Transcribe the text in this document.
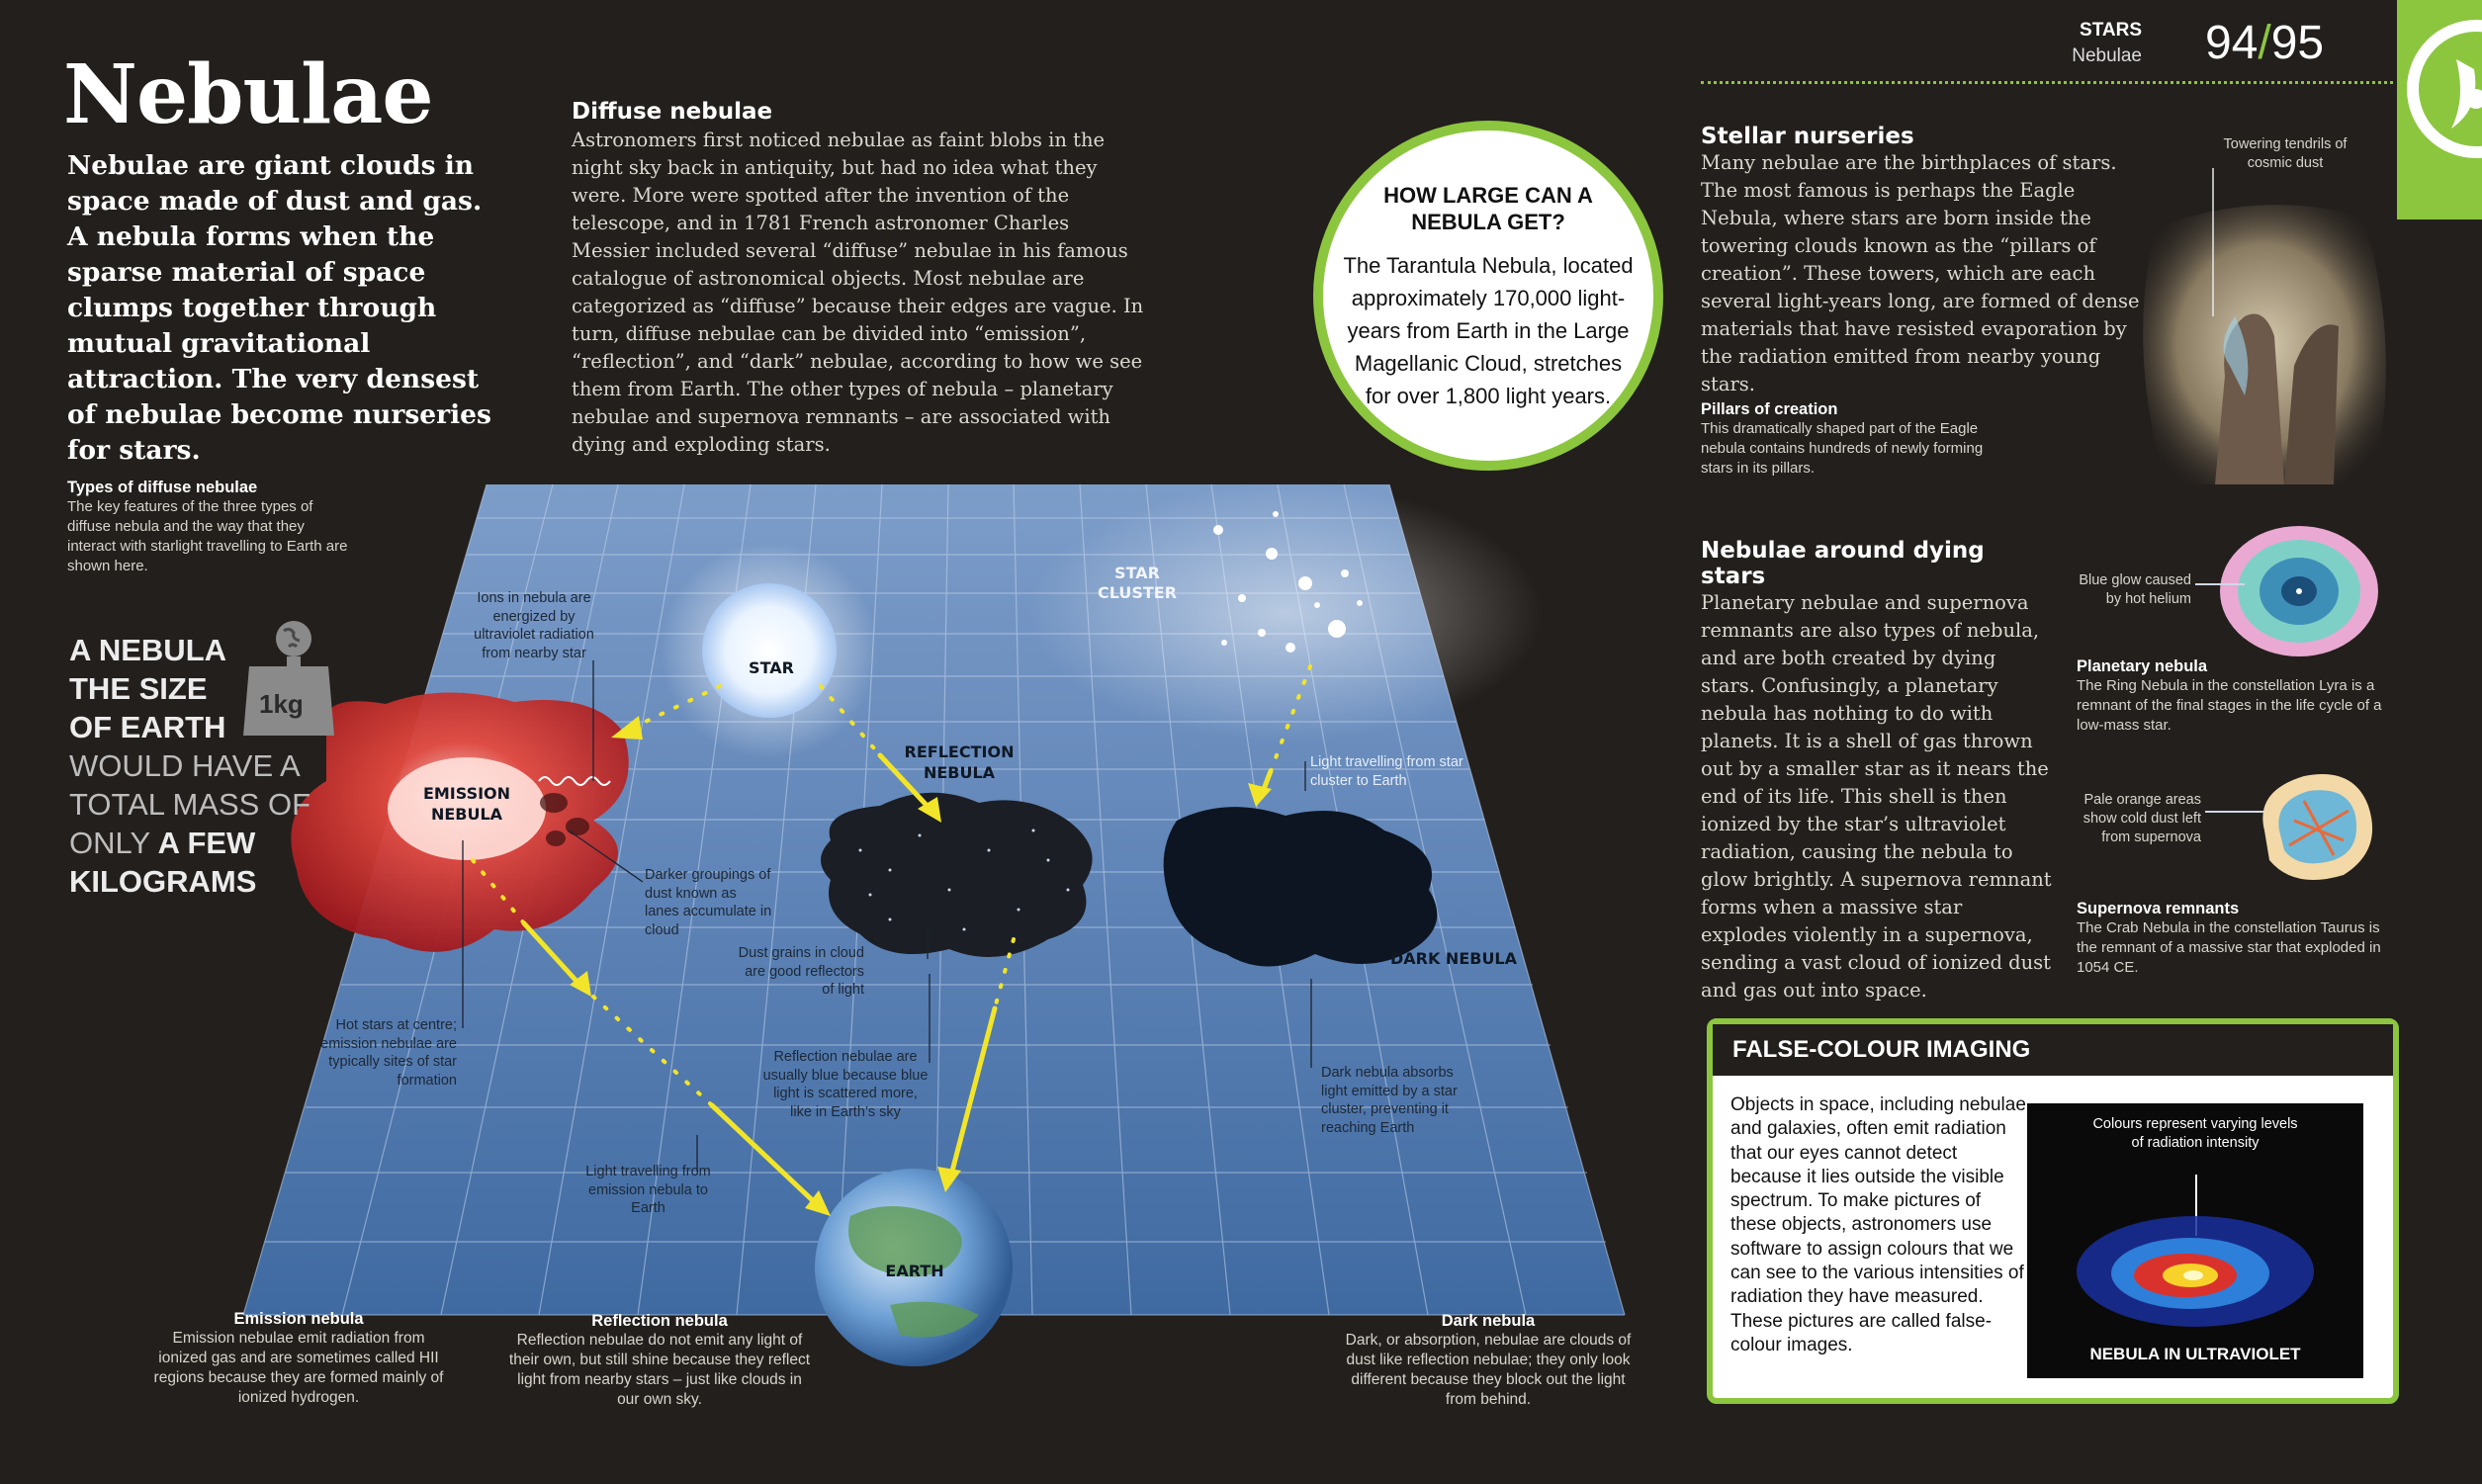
STARS
Nebulae 94/95
Nebulae
Nebulae are giant clouds in space made of dust and gas. A nebula forms when the sparse material of space clumps together through mutual gravitational attraction. The very densest of nebulae become nurseries for stars.
Diffuse nebulae
Astronomers first noticed nebulae as faint blobs in the night sky back in antiquity, but had no idea what they were. More were spotted after the invention of the telescope, and in 1781 French astronomer Charles Messier included several “diffuse” nebulae in his famous catalogue of astronomical objects. Most nebulae are categorized as “diffuse” because their edges are vague. In turn, diffuse nebulae can be divided into “emission”, “reflection”, and “dark” nebulae, according to how we see them from Earth. The other types of nebula – planetary nebulae and supernova remnants – are associated with dying and exploding stars.
HOW LARGE CAN A NEBULA GET?
The Tarantula Nebula, located approximately 170,000 light-years from Earth in the Large Magellanic Cloud, stretches for over 1,800 light years.
Stellar nurseries
Many nebulae are the birthplaces of stars. The most famous is perhaps the Eagle Nebula, where stars are born inside the towering clouds known as the “pillars of creation”. These towers, which are each several light-years long, are formed of dense materials that have resisted evaporation by the radiation emitted from nearby young stars.
Pillars of creation
This dramatically shaped part of the Eagle nebula contains hundreds of newly forming stars in its pillars.
Towering tendrils of cosmic dust
Nebulae around dying stars
Planetary nebulae and supernova remnants are also types of nebula, and are both created by dying stars. Confusingly, a planetary nebula has nothing to do with planets. It is a shell of gas thrown out by a smaller star as it nears the end of its life. This shell is then ionized by the star’s ultraviolet radiation, causing the nebula to glow brightly. A supernova remnant forms when a massive star explodes violently in a supernova, sending a vast cloud of ionized dust and gas out into space.
Blue glow caused by hot helium
Planetary nebula
The Ring Nebula in the constellation Lyra is a remnant of the final stages in the life cycle of a low-mass star.
Pale orange areas show cold dust left from supernova
Supernova remnants
The Crab Nebula in the constellation Taurus is the remnant of a massive star that exploded in 1054 CE.
FALSE-COLOUR IMAGING
Objects in space, including nebulae and galaxies, often emit radiation that our eyes cannot detect because it lies outside the visible spectrum. To make pictures of these objects, astronomers use software to assign colours that we can see to the various intensities of radiation they have measured. These pictures are called false-colour images.
Colours represent varying levels of radiation intensity
NEBULA IN ULTRAVIOLET
Types of diffuse nebulae
The key features of the three types of diffuse nebula and the way that they interact with starlight travelling to Earth are shown here.
STAR
STAR
CLUSTER
EMISSION
NEBULA
REFLECTION
NEBULA
DARK NEBULA
EARTH
Ions in nebula are energized by ultraviolet radiation from nearby star
Darker groupings of dust known as lanes accumulate in cloud
Hot stars at centre; emission nebulae are typically sites of star formation
Dust grains in cloud are good reflectors of light
Reflection nebulae are usually blue because blue light is scattered more, like in Earth’s sky
Light travelling from emission nebula to Earth
Light travelling from star cluster to Earth
Dark nebula absorbs light emitted by a star cluster, preventing it reaching Earth
A NEBULA
THE SIZE
OF EARTH
WOULD HAVE A
TOTAL MASS OF
ONLY A FEW
KILOGRAMS
1kg
Emission nebula
Emission nebulae emit radiation from ionized gas and are sometimes called HII regions because they are formed mainly of ionized hydrogen.
Reflection nebula
Reflection nebulae do not emit any light of their own, but still shine because they reflect light from nearby stars – just like clouds in our own sky.
Dark nebula
Dark, or absorption, nebulae are clouds of dust like reflection nebulae; they only look different because they block out the light from behind.
